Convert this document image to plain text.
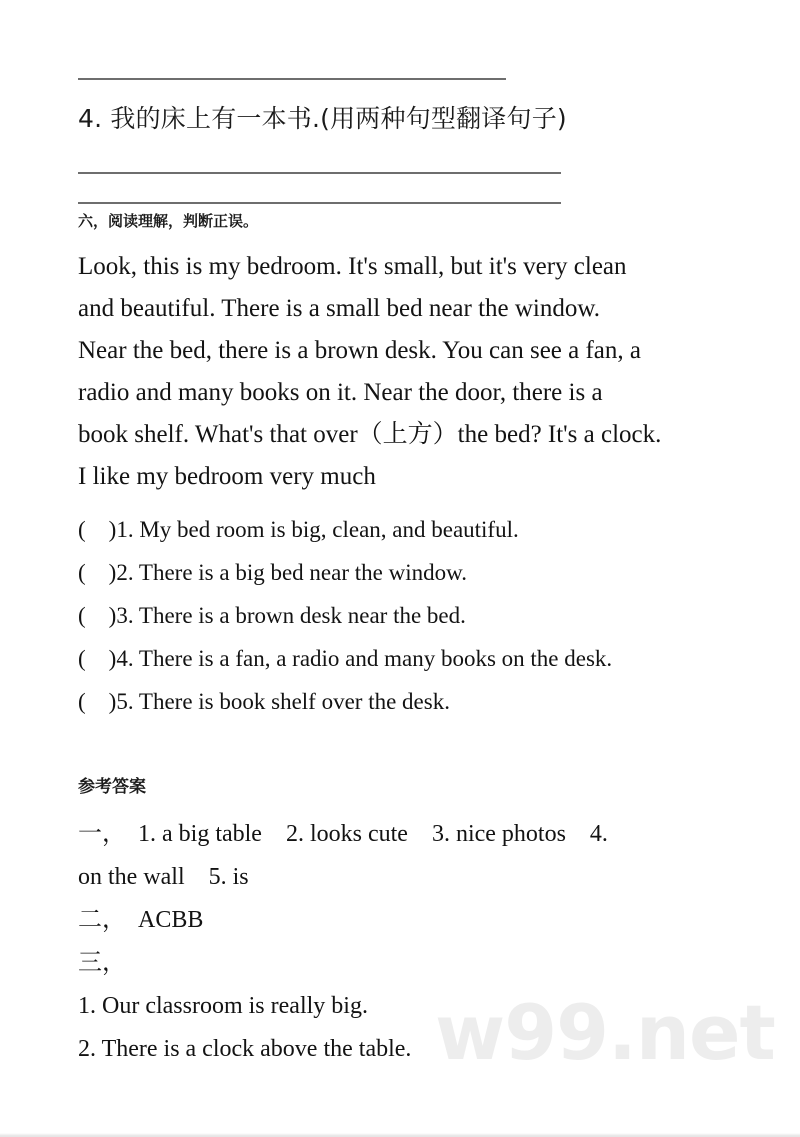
4. 我的床上有一本书.(用两种句型翻译句子)
六，阅读理解，判断正误。
Look, this is my bedroom. It's small, but it's very clean
and beautiful. There is a small bed near the window.
Near the bed, there is a brown desk. You can see a fan, a
radio and many books on it. Near the door, there is a
book shelf. What's that over（上方）the bed? It's a clock.
I like my bedroom very much
(    )1. My bed room is big, clean, and beautiful.
(    )2. There is a big bed near the window.
(    )3. There is a brown desk near the bed.
(    )4. There is a fan, a radio and many books on the desk.
(    )5. There is book shelf over the desk.
参考答案
一，　1. a big table　2. looks cute　3. nice photos　4.
on the wall　5. is
二，　ACBB
三，
1. Our classroom is really big.
2. There is a clock above the table. w99.net
